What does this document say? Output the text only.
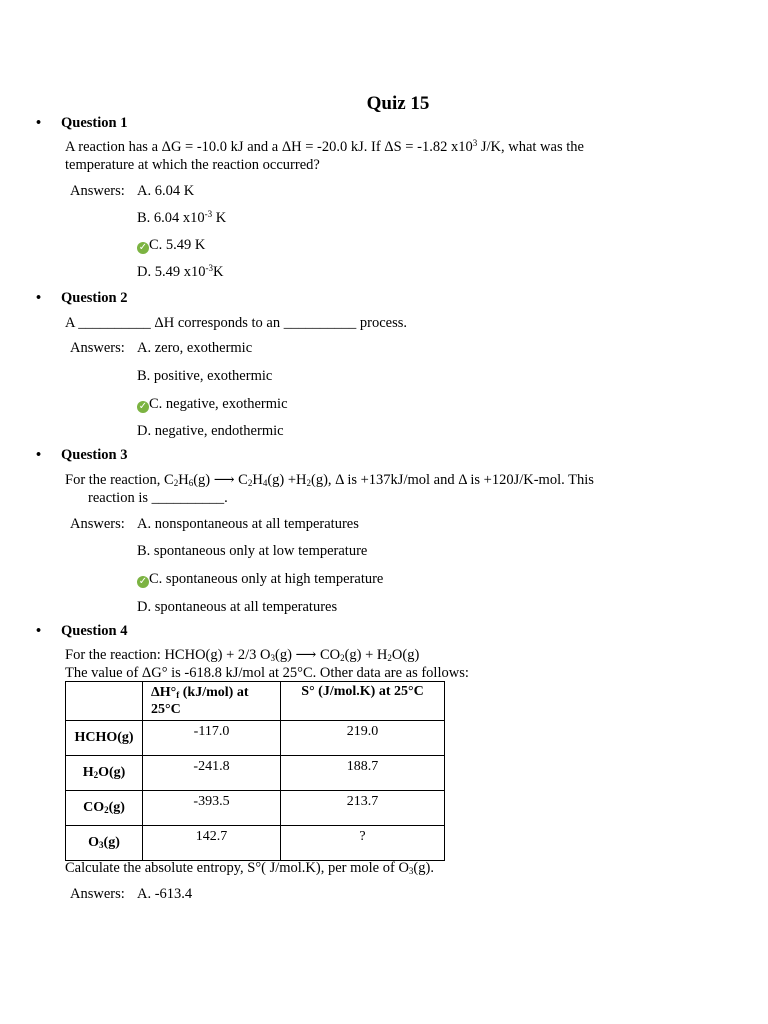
Quiz 15
• Question 1
A reaction has a ΔG = -10.0 kJ and a ΔH = -20.0 kJ. If ΔS = -1.82 $x10^3$ J/K, what was the
temperature at which the reaction occurred?
Answers: A. 6.04 K
B. 6.04 $x10^{-3}$ K
✓ C. 5.49 K
D. 5.49 $x10^{-3}K$
• Question 2
A __________ ΔH corresponds to an __________ process.
Answers: A. zero, exothermic
B. positive, exothermic
✓ C. negative, exothermic
D. negative, endothermic
• Question 3
For the reaction, $C_2H_6(g)$ ⟶ $C_2H_4(g) +H_2(g)$, Δ is +137kJ/mol and Δ is +120J/K-mol. This
reaction is __________.
Answers: A. nonspontaneous at all temperatures
B. spontaneous only at low temperature
✓ C. spontaneous only at high temperature
D. spontaneous at all temperatures
• Question 4
For the reaction: HCHO(g) + 2/3 $O_3(g)$ ⟶ $CO_2(g) + H_2O(g)$
The value of ΔG° is -618.8 kJ/mol at 25°C. Other data are as follows:
	$\Delta H^\circ_f$ (kJ/mol) at 25°C	S° (J/mol.K) at 25°C
HCHO(g)	-117.0	219.0
$H_2O(g)$	-241.8	188.7
$CO_2(g)$	-393.5	213.7
$O_3(g)$	142.7	?
Calculate the absolute entropy, S°( J/mol.K), per mole of $O_3(g)$.
Answers: A. -613.4
